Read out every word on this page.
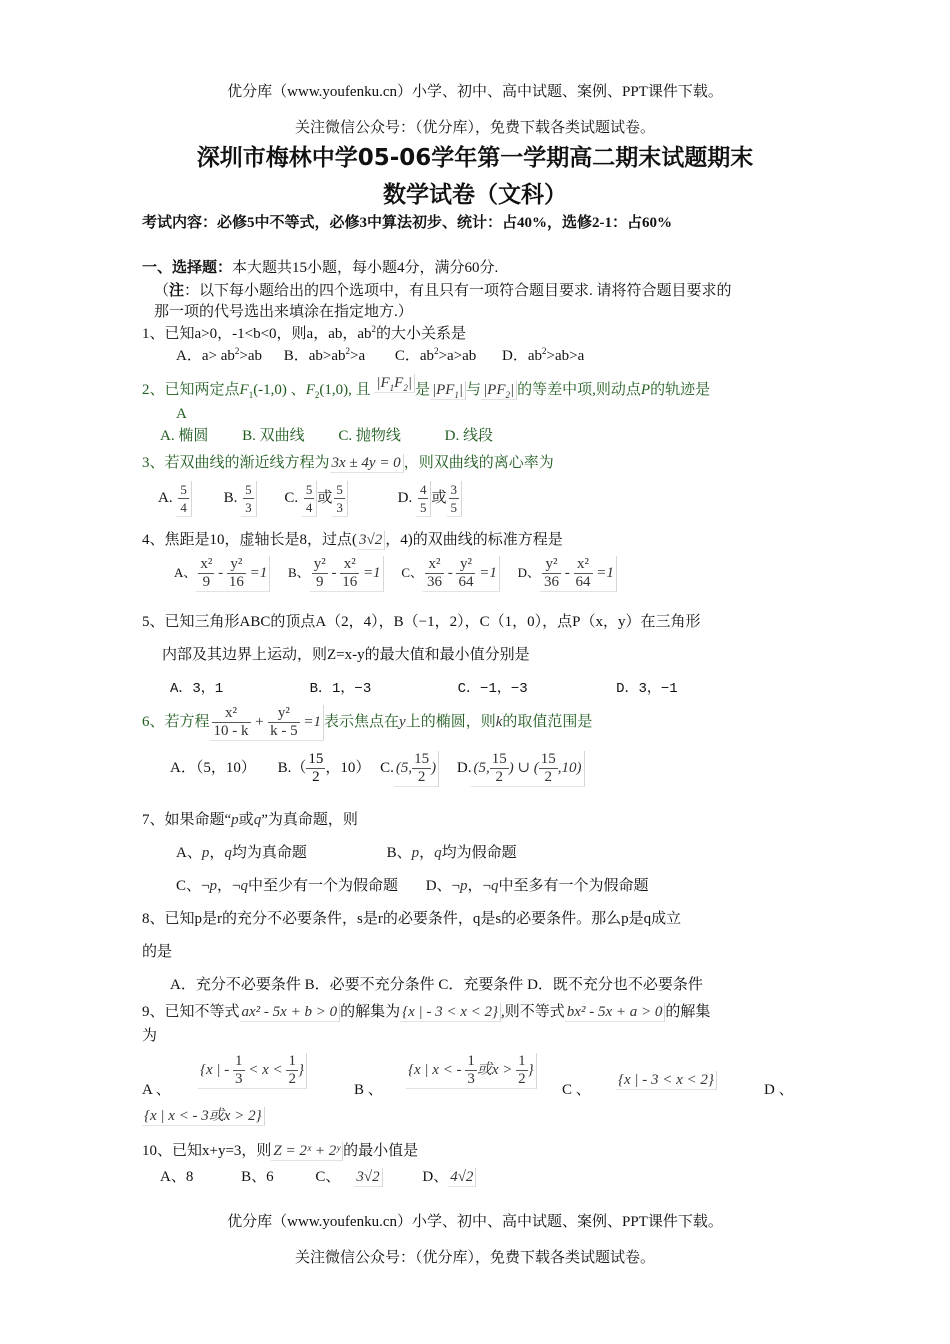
优分库（www.youfenku.cn）小学、初中、高中试题、案例、PPT课件下载。
关注微信公众号：（优分库），免费下载各类试题试卷。
深圳市梅林中学05-06学年第一学期高二期末试题期末
数学试卷（文科）
考试内容：必修5中不等式，必修3中算法初步、统计：占40%，选修2-1：占60%
一、选择题：本大题共15小题，每小题4分，满分60分.
（注：以下每小题给出的四个选项中，有且只有一项符合题目要求. 请将符合题目要求的
那一项的代号选出来填涂在指定地方.）
1、已知a>0，-1<b<0，则a，ab，$ab^2$的大小关系是
A．$a> ab^2>ab$ B．$ab>ab^2>a$ C．$ab^2>a>ab$ D．$ab^2>ab>a$
2、已知两定点$F_1(-1,0)$ 、$F_2(1,0)$, 且 $|F_1F_2|$ 是 $|PF_1|$ 与 $|PF_2|$ 的等差中项,则动点P的轨迹是
A
A. 椭圆 B. 双曲线 C. 抛物线	D. 线段
3、若双曲线的渐近线方程为 3x ± 4y = 0 ，则双曲线的离心率为
A. $\frac{5}{4} B$. $\frac{5}{3} C$. $\frac{5}{4}$ 或 $\frac{5}{3}$	D. $\frac{4}{5}$ 或 $\frac{3}{5}$
4、焦距是10，虚轴长是8，过点( 3√2 ，4)的双曲线的标准方程是
A、 $\frac{\text{x²}}{9} - \frac{\text{y²}}{16} =1$ B、 $\frac{\text{y²}}{9} - \frac{\text{x²}}{16} =1$ C、 $\frac{\text{x²}}{36} - \frac{\text{y²}}{64} =1$ D、 $\frac{\text{y²}}{36} - \frac{\text{x²}}{64} =1$
5、已知三角形ABC的顶点A（2，4），B（−1，2），C（1，0），点P（x，y）在三角形
内部及其边界上运动，则Z=x-y的最大值和最小值分别是
A．3，1	B．1，−3	C．−1，−3	D．3，−1
6、若方程 $\frac{\text{x²}}{10 - k} + \frac{\text{y²}}{k - 5} =1$ 表示焦点在y上的椭圆，则k的取值范围是
A．（5，10） $B.( \frac{15}{2}$ ，10） C. (5, $\frac{15}{2}$ ) D. (5, $\frac{15}{2}$ ) ∪ ( $\frac{15}{2} ,10$)
7、如果命题“p或q”为真命题，则
A、p，q均为真命题	B、p，q均为假命题
C、¬p，¬q中至少有一个为假命题 D、¬p，¬q中至多有一个为假命题
8、已知p是r的充分不必要条件，s是r的必要条件，q是s的必要条件。那么p是q成立
的是
A．充分不必要条件 B．必要不充分条件 C．充要条件 D．既不充分也不必要条件
9、已知不等式 ax² - 5x + b > 0 的解集为 {x | - 3 < x < 2} ,则不等式 bx² - 5x + a > 0 的解集
为
A 、
{x | - $\frac{1}{3} < x < \frac{1}{2}$ }
B 、
{x | x < - $\frac{1}{3}$ 或$x > \frac{1}{2}$ }
C 、
{x | - 3 < x < 2}
D 、
{x | x < - 3或x > 2}
10、已知x+y=3，则 Z = 2ˣ + 2ʸ 的最小值是
A、8	B、6	C、 3√2	D、 4√2
优分库（www.youfenku.cn）小学、初中、高中试题、案例、PPT课件下载。
关注微信公众号：（优分库），免费下载各类试题试卷。
